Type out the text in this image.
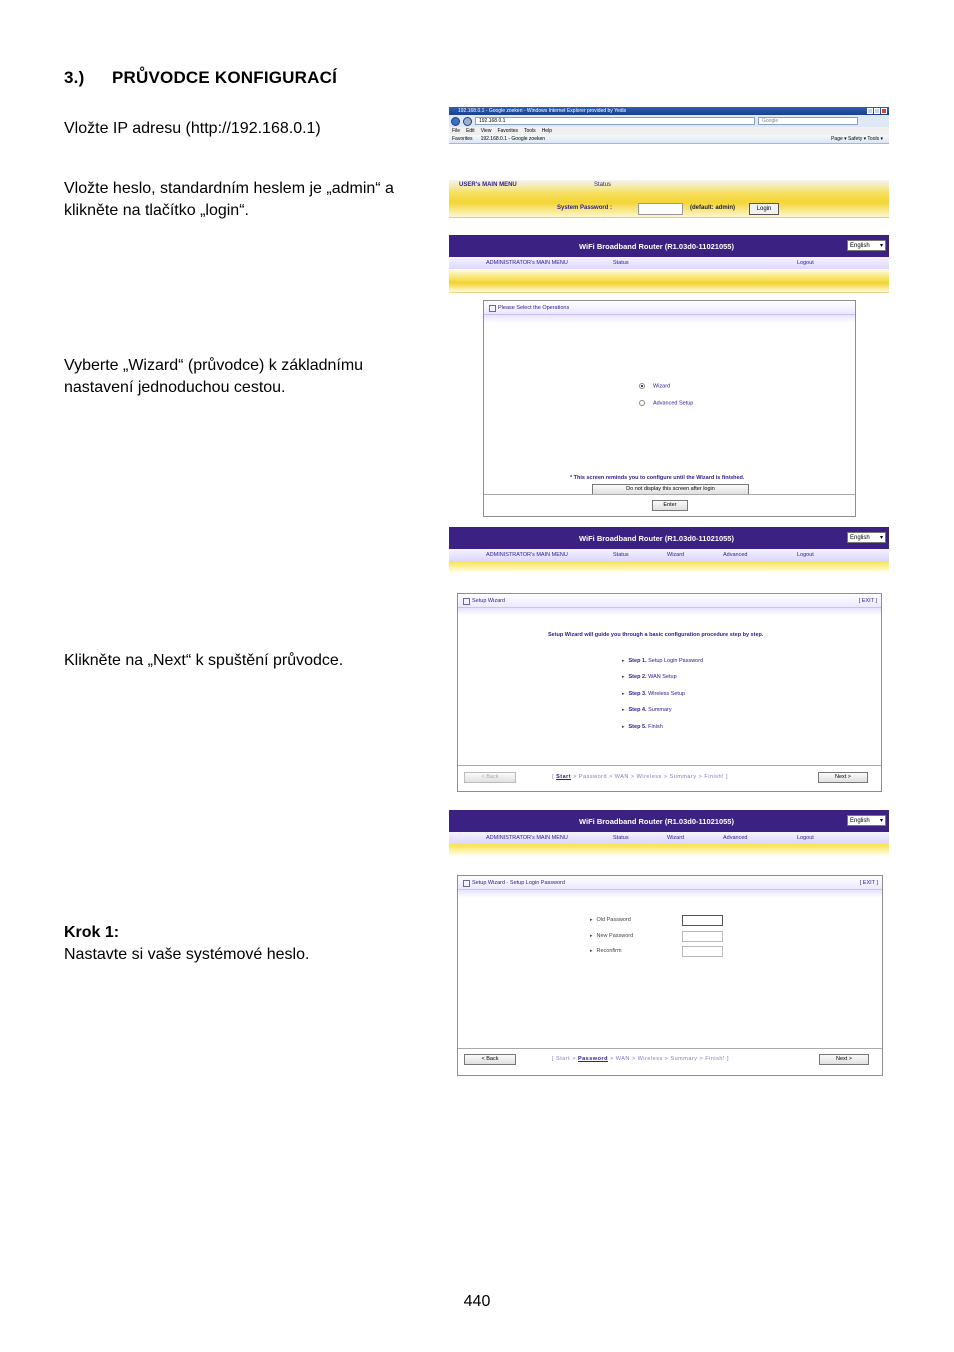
3.) PRŮVODCE KONFIGURACÍ
Vložte IP adresu (http://192.168.0.1)
Vložte heslo, standardním heslem je „admin“ a klikněte na tlačítko „login“.
Vyberte „Wizard“ (průvodce) k základnímu nastavení jednoduchou cestou.
Klikněte na „Next“ k spuštění průvodce.
Krok 1:
Nastavte si vaše systémové heslo.
192.168.0.1 - Google zoeken - Windows Internet Explorer provided by Yedis
192.168.0.1	Google
File Edit View Favorites Tools Help
Favorites 192.168.0.1 - Google zoeken	Page ▾ Safety ▾ Tools ▾
USER's MAIN MENU	Status
System Password :	(default: admin)	Login
WiFi Broadband Router (R1.03d0-11021055)	English ▾
ADMINISTRATOR's MAIN MENU	Status	Logout
Please Select the Operations
Wizard
Advanced Setup
* This screen reminds you to configure until the Wizard is finished.
Do not display this screen after login
Enter
WiFi Broadband Router (R1.03d0-11021055)	English ▾
ADMINISTRATOR's MAIN MENU	Status	Wizard	Advanced	Logout
Setup Wizard	[ EXIT ]
Setup Wizard will guide you through a basic configuration procedure step by step.
▸ Step 1. Setup Login Password
▸ Step 2. WAN Setup
▸ Step 3. Wireless Setup
▸ Step 4. Summary
▸ Step 5. Finish
< Back	[ Start > Password > WAN > Wireless > Summary > Finish! ]	Next >
WiFi Broadband Router (R1.03d0-11021055)	English ▾
ADMINISTRATOR's MAIN MENU	Status	Wizard	Advanced	Logout
Setup Wizard - Setup Login Password	[ EXIT ]
▸ Old Password
▸ New Password
▸ Reconfirm
< Back	[ Start > Password > WAN > Wireless > Summary > Finish! ]	Next >
440
